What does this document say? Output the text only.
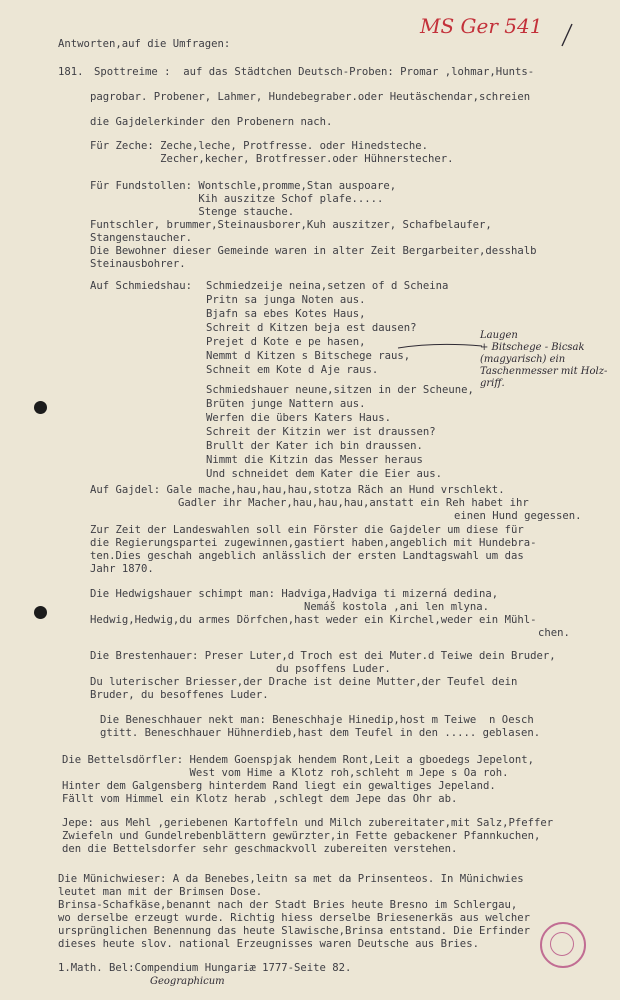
MS Ger 541
Antworten,auf die Umfragen:
181. Spottreime :  auf das Städtchen Deutsch-Proben: Promar ,lohmar,Hunts-
pagrobar. Probener, Lahmer, Hundebegraber.oder Heutäschendar,schreien
die Gajdelerkinder den Probenern nach.
Für Zeche: Zeche,leche, Protfresse. oder Hinedsteche.
Zecher,kecher, Brotfresser.oder Hühnerstecher.
Für Fundstollen: Wontschle,promme,Stan auspoare,
Kih auszitze Schof plafe.....
Stenge stauche.
Funtschler, brummer,Steinausborer,Kuh auszitzer, Schafbelaufer,
Stangenstaucher.
Die Bewohner dieser Gemeinde waren in alter Zeit Bergarbeiter,desshalb
Steinausbohrer.
Auf Schmiedshau: Schmiedzeije neina,setzen of d Scheina
Pritn sa junga Noten aus.
Bjafn sa ebes Kotes Haus,
Schreit d Kitzen beja est dausen?
Prejet d Kote e pe hasen,
Nemmt d Kitzen s Bitschege raus,
Schneit em Kote d Aje raus.
Laugen
+ Bitschege - Bicsak
(magyarisch) ein
Taschenmesser mit Holz-
griff.
Schmiedshauer neune,sitzen in der Scheune,
Brüten junge Nattern aus.
Werfen die übers Katers Haus.
Schreit der Kitzin wer ist draussen?
Brullt der Kater ich bin draussen.
Nimmt die Kitzin das Messer heraus
Und schneidet dem Kater die Eier aus.
Auf Gajdel: Gale mache,hau,hau,hau,stotza Räch an Hund vrschlekt.
Gadler ihr Macher,hau,hau,hau,anstatt ein Reh habet ihr
einen Hund gegessen.
Zur Zeit der Landeswahlen soll ein Förster die Gajdeler um diese für
die Regierungspartei zugewinnen,gastiert haben,angeblich mit Hundebra-
ten.Dies geschah angeblich anlässlich der ersten Landtagswahl um das
Jahr 1870.
Die Hedwigshauer schimpt man: Hadviga,Hadviga ti mizerná dedina,
Nemáš kostola ,ani len mlyna.
Hedwig,Hedwig,du armes Dörfchen,hast weder ein Kirchel,weder ein Mühl-
chen.
Die Brestenhauer: Preser Luter,d Troch est dei Muter.d Teiwe dein Bruder,
du psoffens Luder.
Du luterischer Briesser,der Drache ist deine Mutter,der Teufel dein
Bruder, du besoffenes Luder.
Die Beneschhauer nekt man: Beneschhaje Hinedip,host m Teiwe  n Oesch
gtitt. Beneschhauer Hühnerdieb,hast dem Teufel in den ..... geblasen.
Die Bettelsdörfler: Hendem Goenspjak hendem Ront,Leit a gboedegs Jepelont,
West vom Hime a Klotz roh,schleht m Jepe s Oa roh.
Hinter dem Galgensberg hinterdem Rand liegt ein gewaltiges Jepeland.
Fällt vom Himmel ein Klotz herab ,schlegt dem Jepe das Ohr ab.
Jepe: aus Mehl ,geriebenen Kartoffeln und Milch zubereitater,mit Salz,Pfeffer
Zwiefeln und Gundelrebenblättern gewürzter,in Fette gebackener Pfannkuchen,
den die Bettelsdorfer sehr geschmackvoll zubereiten verstehen.
Die Münichwieser: A da Benebes,leitn sa met da Prinsenteos. In Münichwies
leutet man mit der Brimsen Dose.
Brinsa-Schafkäse,benannt nach der Stadt Bries heute Bresno im Schlergau,
wo derselbe erzeugt wurde. Richtig hiess derselbe Briesenerkäs aus welcher
ursprünglichen Benennung das heute Slawische,Brinsa entstand. Die Erfinder
dieses heute slov. national Erzeugnisses waren Deutsche aus Bries.
1.Math. Bel:Compendium Hungariæ 1777-Seite 82.
Geographicum
